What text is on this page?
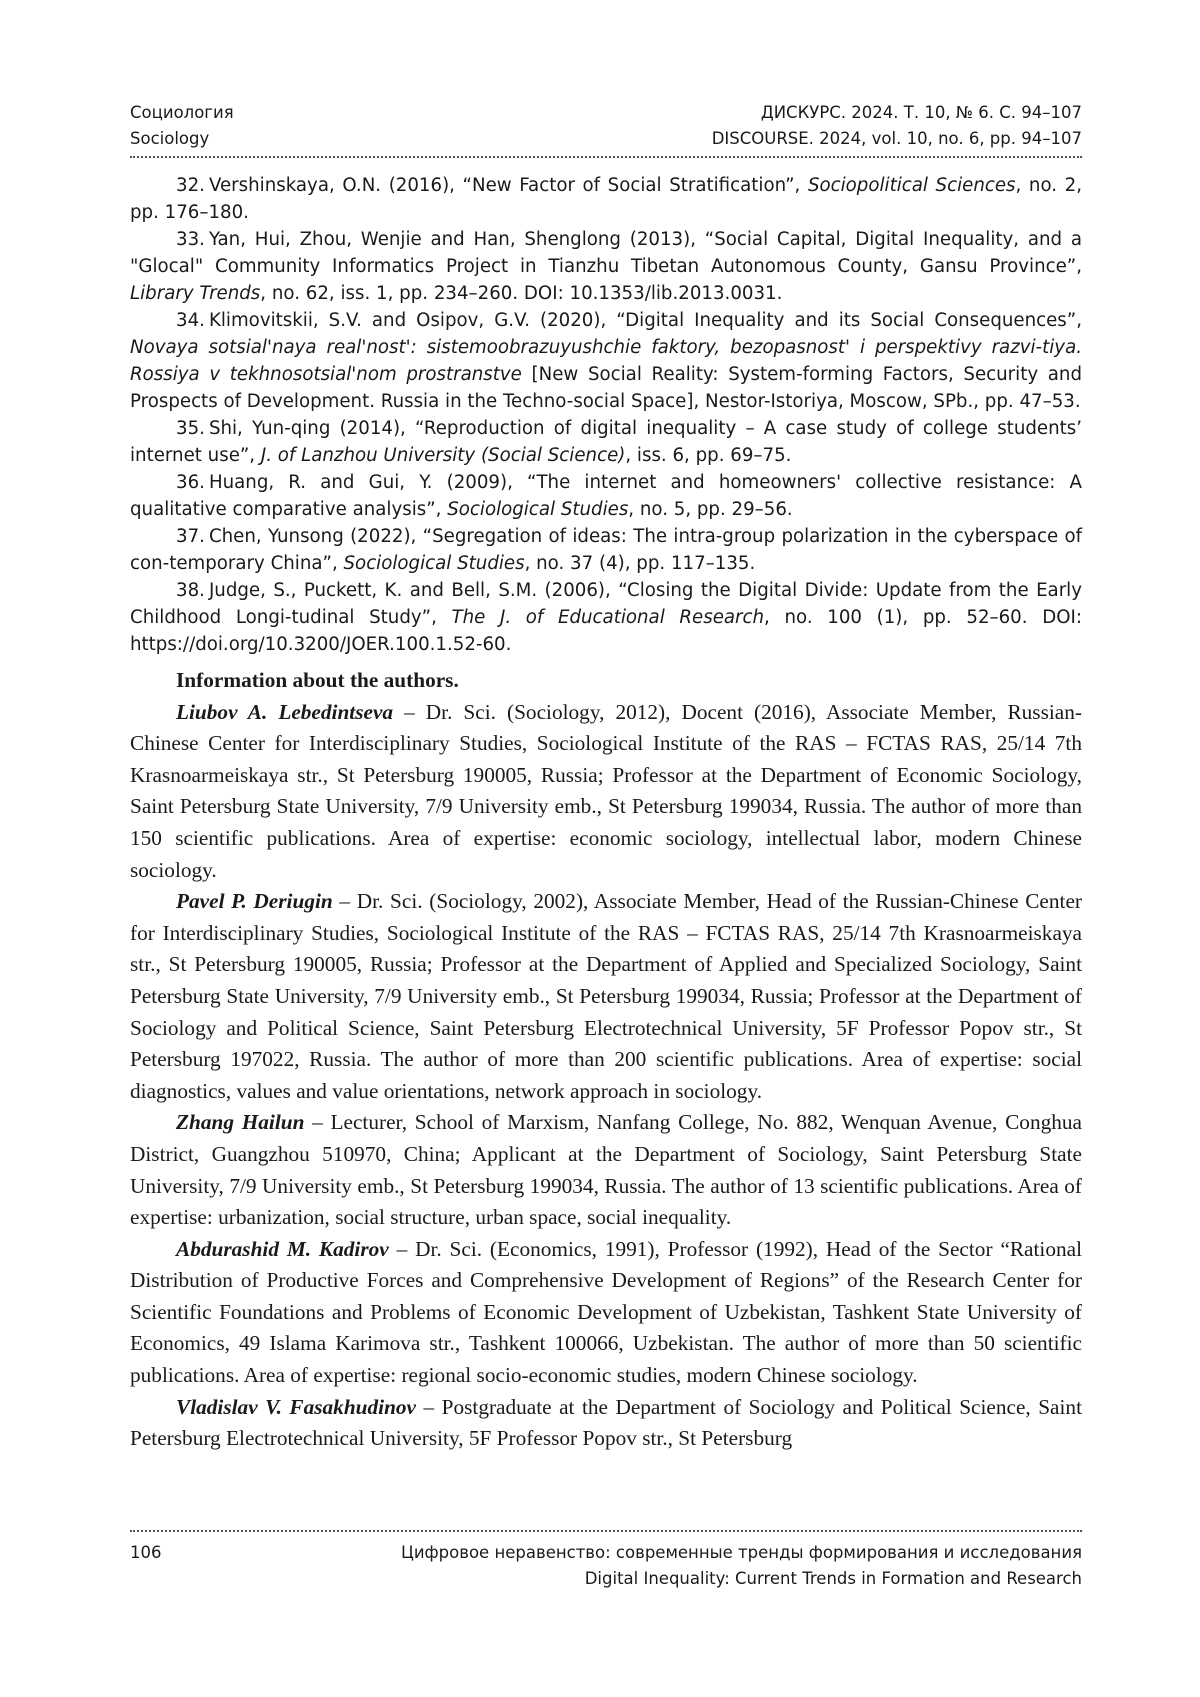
Социология	ДИСКУРС. 2024. Т. 10, № 6. С. 94–107
Sociology	DISCOURSE. 2024, vol. 10, no. 6, pp. 94–107

32. Vershinskaya, O.N. (2016), “New Factor of Social Stratification”, Sociopolitical Sciences, no. 2, pp. 176–180.

33. Yan, Hui, Zhou, Wenjie and Han, Shenglong (2013), “Social Capital, Digital Inequality, and a "Glocal" Community Informatics Project in Tianzhu Tibetan Autonomous County, Gansu Province”, Library Trends, no. 62, iss. 1, pp. 234–260. DOI: 10.1353/lib.2013.0031.

34. Klimovitskii, S.V. and Osipov, G.V. (2020), “Digital Inequality and its Social Consequences”, Novaya sotsial'naya real'nost': sistemoobrazuyushchie faktory, bezopasnost' i perspektivy razvi-tiya. Rossiya v tekhnosotsial'nom prostranstve [New Social Reality: System-forming Factors, Security and Prospects of Development. Russia in the Techno-social Space], Nestor-Istoriya, Moscow, SPb., pp. 47–53.

35. Shi, Yun-qing (2014), “Reproduction of digital inequality – A case study of college students’ internet use”, J. of Lanzhou University (Social Science), iss. 6, pp. 69–75.

36. Huang, R. and Gui, Y. (2009), “The internet and homeowners' collective resistance: A qualitative comparative analysis”, Sociological Studies, no. 5, pp. 29–56.

37. Chen, Yunsong (2022), “Segregation of ideas: The intra-group polarization in the cyberspace of con-temporary China”, Sociological Studies, no. 37 (4), pp. 117–135.

38. Judge, S., Puckett, K. and Bell, S.M. (2006), “Closing the Digital Divide: Update from the Early Childhood Longi-tudinal Study”, The J. of Educational Research, no. 100 (1), pp. 52–60. DOI: https://doi.org/10.3200/JOER.100.1.52-60.

Information about the authors.

Liubov A. Lebedintseva – Dr. Sci. (Sociology, 2012), Docent (2016), Associate Member, Russian-Chinese Center for Interdisciplinary Studies, Sociological Institute of the RAS – FCTAS RAS, 25/14 7th Krasnoarmeiskaya str., St Petersburg 190005, Russia; Professor at the Department of Economic Sociology, Saint Petersburg State University, 7/9 University emb., St Petersburg 199034, Russia. The author of more than 150 scientific publications. Area of expertise: economic sociology, intellectual labor, modern Chinese sociology.

Pavel P. Deriugin – Dr. Sci. (Sociology, 2002), Associate Member, Head of the Russian-Chinese Center for Interdisciplinary Studies, Sociological Institute of the RAS – FCTAS RAS, 25/14 7th Krasnoarmeiskaya str., St Petersburg 190005, Russia; Professor at the Department of Applied and Specialized Sociology, Saint Petersburg State University, 7/9 University emb., St Petersburg 199034, Russia; Professor at the Department of Sociology and Political Science, Saint Petersburg Electrotechnical University, 5F Professor Popov str., St Petersburg 197022, Russia. The author of more than 200 scientific publications. Area of expertise: social diagnostics, values and value orientations, network approach in sociology.

Zhang Hailun – Lecturer, School of Marxism, Nanfang College, No. 882, Wenquan Avenue, Conghua District, Guangzhou 510970, China; Applicant at the Department of Sociology, Saint Petersburg State University, 7/9 University emb., St Petersburg 199034, Russia. The author of 13 scientific publications. Area of expertise: urbanization, social structure, urban space, social inequality.

Abdurashid M. Kadirov – Dr. Sci. (Economics, 1991), Professor (1992), Head of the Sector “Rational Distribution of Productive Forces and Comprehensive Development of Regions” of the Research Center for Scientific Foundations and Problems of Economic Development of Uzbekistan, Tashkent State University of Economics, 49 Islama Karimova str., Tashkent 100066, Uzbekistan. The author of more than 50 scientific publications. Area of expertise: regional socio-economic studies, modern Chinese sociology.

Vladislav V. Fasakhudinov – Postgraduate at the Department of Sociology and Political Science, Saint Petersburg Electrotechnical University, 5F Professor Popov str., St Petersburg

106	Цифровое неравенство: современные тренды формирования и исследования
Digital Inequality: Current Trends in Formation and Research
